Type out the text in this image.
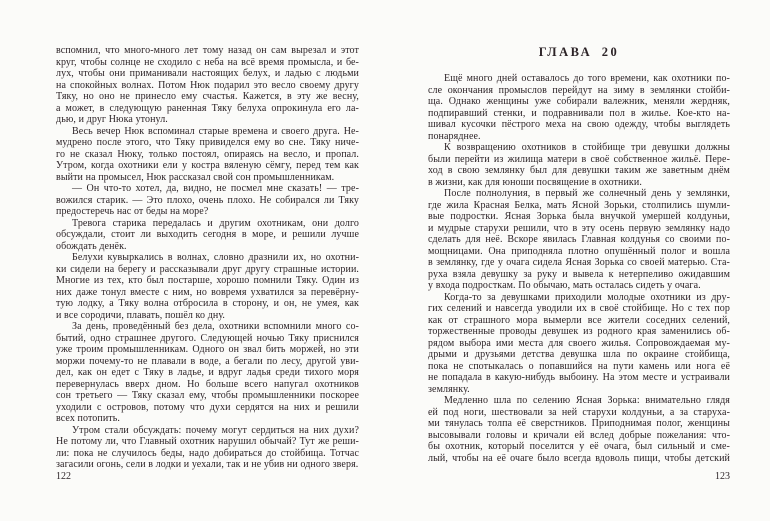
вспомнил, что много-много лет тому назад он сам вырезал и этот
круг, чтобы солнце не сходило с неба на всё время промысла, и бе-
лух, чтобы они приманивали настоящих белух, и ладью с людьми
на спокойных волнах. Потом Нюк подарил это весло своему другу
Тяку, но оно не принесло ему счастья. Кажется, в эту же весну,
а может, в следующую раненная Тяку белуха опрокинула его ла-
дью, и друг Нюка утонул.
Весь вечер Нюк вспоминал старые времена и своего друга. Не-
мудрено после этого, что Тяку привиделся ему во сне. Тяку ниче-
го не сказал Нюку, только постоял, опираясь на весло, и пропал.
Утром, когда охотники ели у костра вяленую сёмгу, перед тем как
выйти на промысел, Нюк рассказал свой сон промышленникам.
— Он что-то хотел, да, видно, не посмел мне сказать! — тре-
вожился старик. — Это плохо, очень плохо. Не собирался ли Тяку
предостеречь нас от беды на море?
Тревога старика передалась и другим охотникам, они долго
обсуждали, стоит ли выходить сегодня в море, и решили лучше
обождать денёк.
Белухи кувыркались в волнах, словно дразнили их, но охотни-
ки сидели на берегу и рассказывали друг другу страшные истории.
Многие из тех, кто был постарше, хорошо помнили Тяку. Один из
них даже тонул вместе с ним, но вовремя ухватился за перевёрну-
тую лодку, а Тяку волна отбросила в сторону, и он, не умея, как
и все сородичи, плавать, пошёл ко дну.
За день, проведённый без дела, охотники вспомнили много со-
бытий, одно страшнее другого. Следующей ночью Тяку приснился
уже троим промышленникам. Одного он звал бить моржей, но эти
моржи почему-то не плавали в воде, а бегали по лесу, другой уви-
дел, как он едет с Тяку в ладье, и вдруг ладья среди тихого моря
перевернулась вверх дном. Но больше всего напугал охотников
сон третьего — Тяку сказал ему, чтобы промышленники поскорее
уходили с островов, потому что духи сердятся на них и решили
всех потопить.
Утром стали обсуждать: почему могут сердиться на них духи?
Не потому ли, что Главный охотник нарушил обычай? Тут же реши-
ли: пока не случилось беды, надо добираться до стойбища. Тотчас
загасили огонь, сели в лодки и уехали, так и не убив ни одного зверя.
ГЛАВА 20
Ещё много дней оставалось до того времени, как охотники по-
сле окончания промыслов перейдут на зиму в землянки стойби-
ща. Однако женщины уже собирали валежник, меняли жердняк,
подпиравший стенки, и подравнивали пол в жилье. Кое-кто на-
шивал кусочки пёстрого меха на свою одежду, чтобы выглядеть
понаряднее.
К возвращению охотников в стойбище три девушки должны
были перейти из жилища матери в своё собственное жильё. Пере-
ход в свою землянку был для девушки таким же заветным днём
в жизни, как для юноши посвящение в охотники.
После полнолуния, в первый же солнечный день у землянки,
где жила Красная Белка, мать Ясной Зорьки, столпились шумли-
вые подростки. Ясная Зорька была внучкой умершей колдуньи,
и мудрые старухи решили, что в эту осень первую землянку надо
сделать для неё. Вскоре явилась Главная колдунья со своими по-
мощницами. Она приподняла плотно опушённый полог и вошла
в землянку, где у очага сидела Ясная Зорька со своей матерью. Ста-
руха взяла девушку за руку и вывела к нетерпеливо ожидавшим
у входа подросткам. По обычаю, мать осталась сидеть у очага.
Когда-то за девушками приходили молодые охотники из дру-
гих селений и навсегда уводили их в своё стойбище. Но с тех пор
как от страшного мора вымерли все жители соседних селений,
торжественные проводы девушек из родного края заменились об-
рядом выбора ими места для своего жилья. Сопровождаемая му-
дрыми и друзьями детства девушка шла по окраине стойбища,
пока не спотыкалась о попавшийся на пути камень или нога её
не попадала в какую-нибудь выбоину. На этом месте и устраивали
землянку.
Медленно шла по селению Ясная Зорька: внимательно глядя
ей под ноги, шествовали за ней старухи колдуньи, а за старуха-
ми тянулась толпа её сверстников. Приподнимая полог, женщины
высовывали головы и кричали ей вслед добрые пожелания: что-
бы охотник, который поселится у её очага, был сильный и сме-
лый, чтобы на её очаге было всегда вдоволь пищи, чтобы детский
122	123
